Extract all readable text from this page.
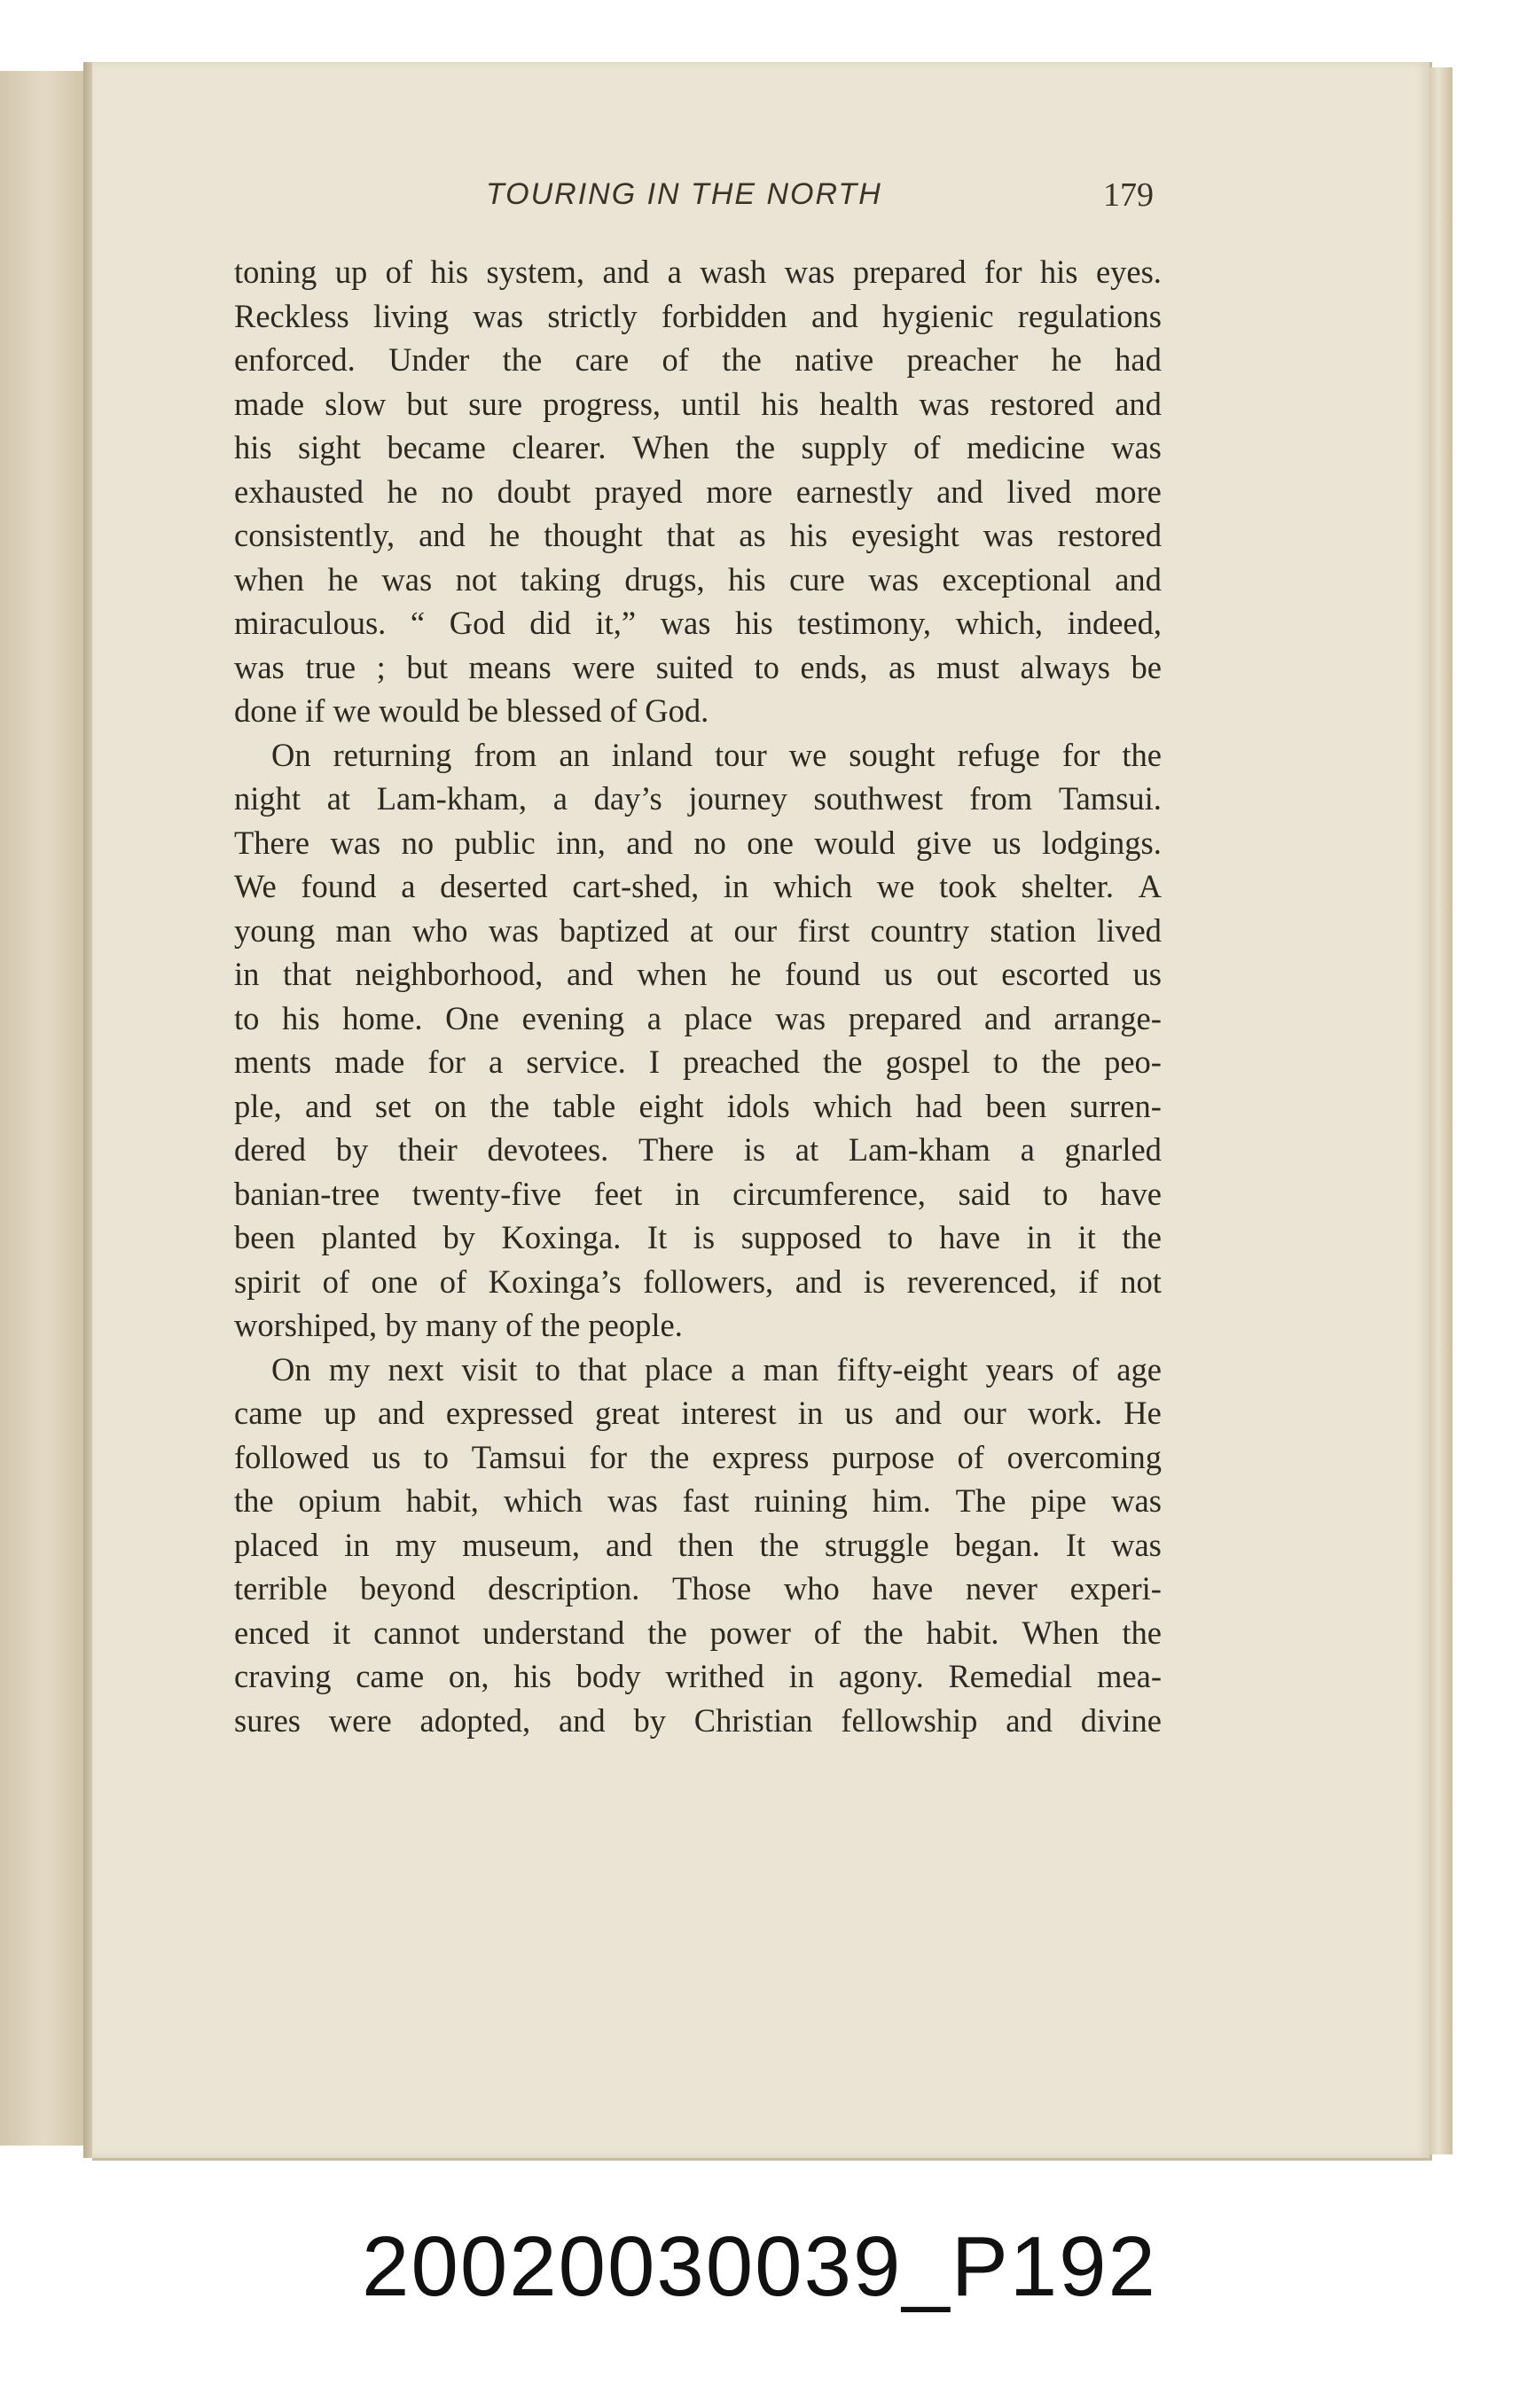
TOURING IN THE NORTH	179
toning up of his system, and a wash was prepared for his eyes.
Reckless living was strictly forbidden and hygienic regulations
enforced. Under the care of the native preacher he had
made slow but sure progress, until his health was restored and
his sight became clearer. When the supply of medicine was
exhausted he no doubt prayed more earnestly and lived more
consistently, and he thought that as his eyesight was restored
when he was not taking drugs, his cure was exceptional and
miraculous. “ God did it,” was his testimony, which, indeed,
was true ; but means were suited to ends, as must always be
done if we would be blessed of God.
On returning from an inland tour we sought refuge for the
night at Lam-kham, a day’s journey southwest from Tamsui.
There was no public inn, and no one would give us lodgings.
We found a deserted cart-shed, in which we took shelter. A
young man who was baptized at our first country station lived
in that neighborhood, and when he found us out escorted us
to his home. One evening a place was prepared and arrange-
ments made for a service. I preached the gospel to the peo-
ple, and set on the table eight idols which had been surren-
dered by their devotees. There is at Lam-kham a gnarled
banian-tree twenty-five feet in circumference, said to have
been planted by Koxinga. It is supposed to have in it the
spirit of one of Koxinga’s followers, and is reverenced, if not
worshiped, by many of the people.
On my next visit to that place a man fifty-eight years of age
came up and expressed great interest in us and our work. He
followed us to Tamsui for the express purpose of overcoming
the opium habit, which was fast ruining him. The pipe was
placed in my museum, and then the struggle began. It was
terrible beyond description. Those who have never experi-
enced it cannot understand the power of the habit. When the
craving came on, his body writhed in agony. Remedial mea-
sures were adopted, and by Christian fellowship and divine
20020030039_P192
